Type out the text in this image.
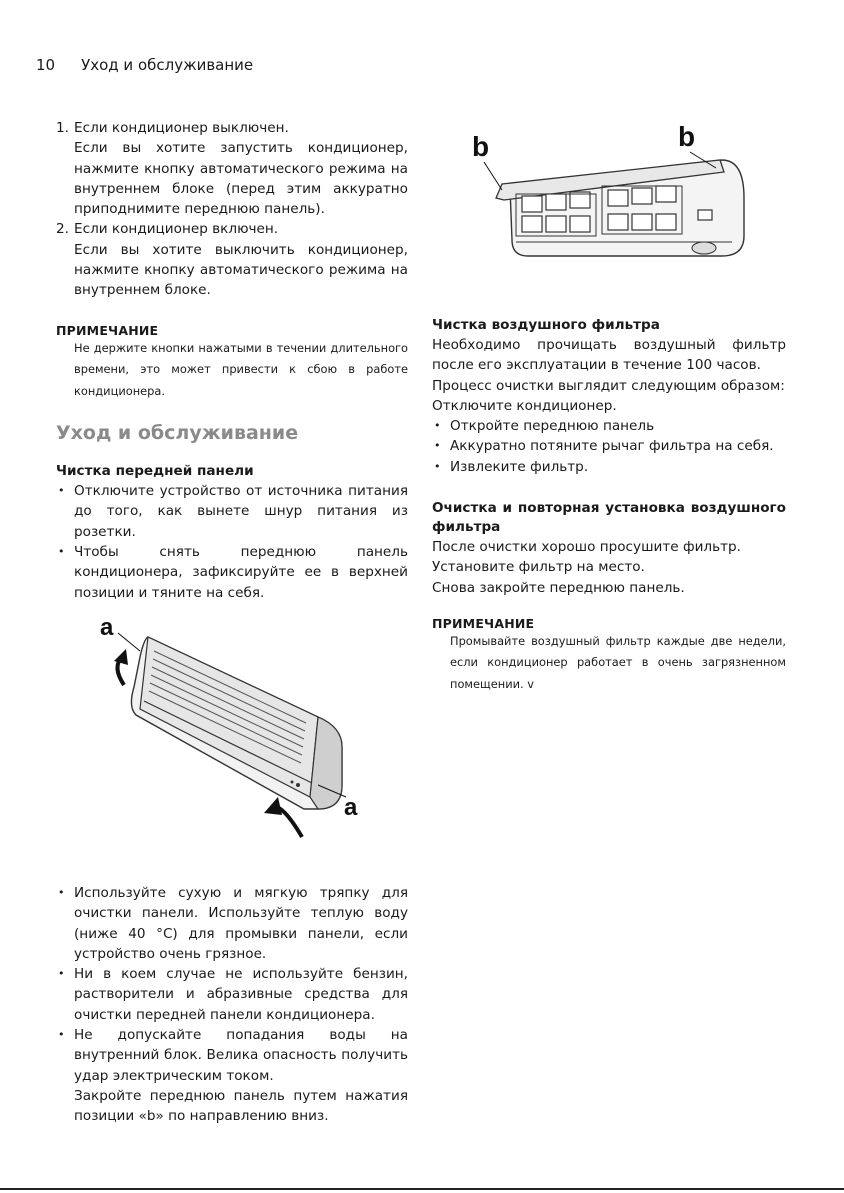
10 Уход и обслуживание
1. Если кондиционер выключен.

Если вы хотите запустить кондиционер, нажмите кнопку автоматического режима на внутреннем блоке (перед этим аккуратно приподнимите переднюю панель).

2. Если кондиционер включен.

Если вы хотите выключить кондиционер, нажмите кнопку автоматического режима на внутреннем блоке.

ПРИМЕЧАНИЕ

Не держите кнопки нажатыми в течении длительного времени, это может привести к сбою в работе кондиционера.

Уход и обслуживание
Чистка передней панели
• Отключите устройство от источника питания до того, как вынете шнур питания из розетки.
• Чтобы снять переднюю панель кондиционера, зафиксируйте ее в верхней позиции и тяните на себя.
a
a
• Используйте сухую и мягкую тряпку для очистки панели. Используйте теплую воду (ниже 40 °C) для промывки панели, если устройство очень грязное.
• Ни в коем случае не используйте бензин, растворители и абразивные средства для очистки передней панели кондиционера.
• Не допускайте попадания воды на внутренний блок. Велика опасность получить удар электрическим током.

Закройте переднюю панель путем нажатия позиции «b» по направлению вниз.

b	b
Чистка воздушного фильтра

Необходимо прочищать воздушный фильтр после его эксплуатации в течение 100 часов.

Процесс очистки выглядит следующим образом:

Отключите кондиционер.

• Откройте переднюю панель
• Аккуратно потяните рычаг фильтра на себя.
• Извлеките фильтр.
Очистка и повторная установка воздушного фильтра

После очистки хорошо просушите фильтр.

Установите фильтр на место.

Снова закройте переднюю панель.

ПРИМЕЧАНИЕ

Промывайте воздушный фильтр каждые две недели, если кондиционер работает в очень загрязненном помещении. v
